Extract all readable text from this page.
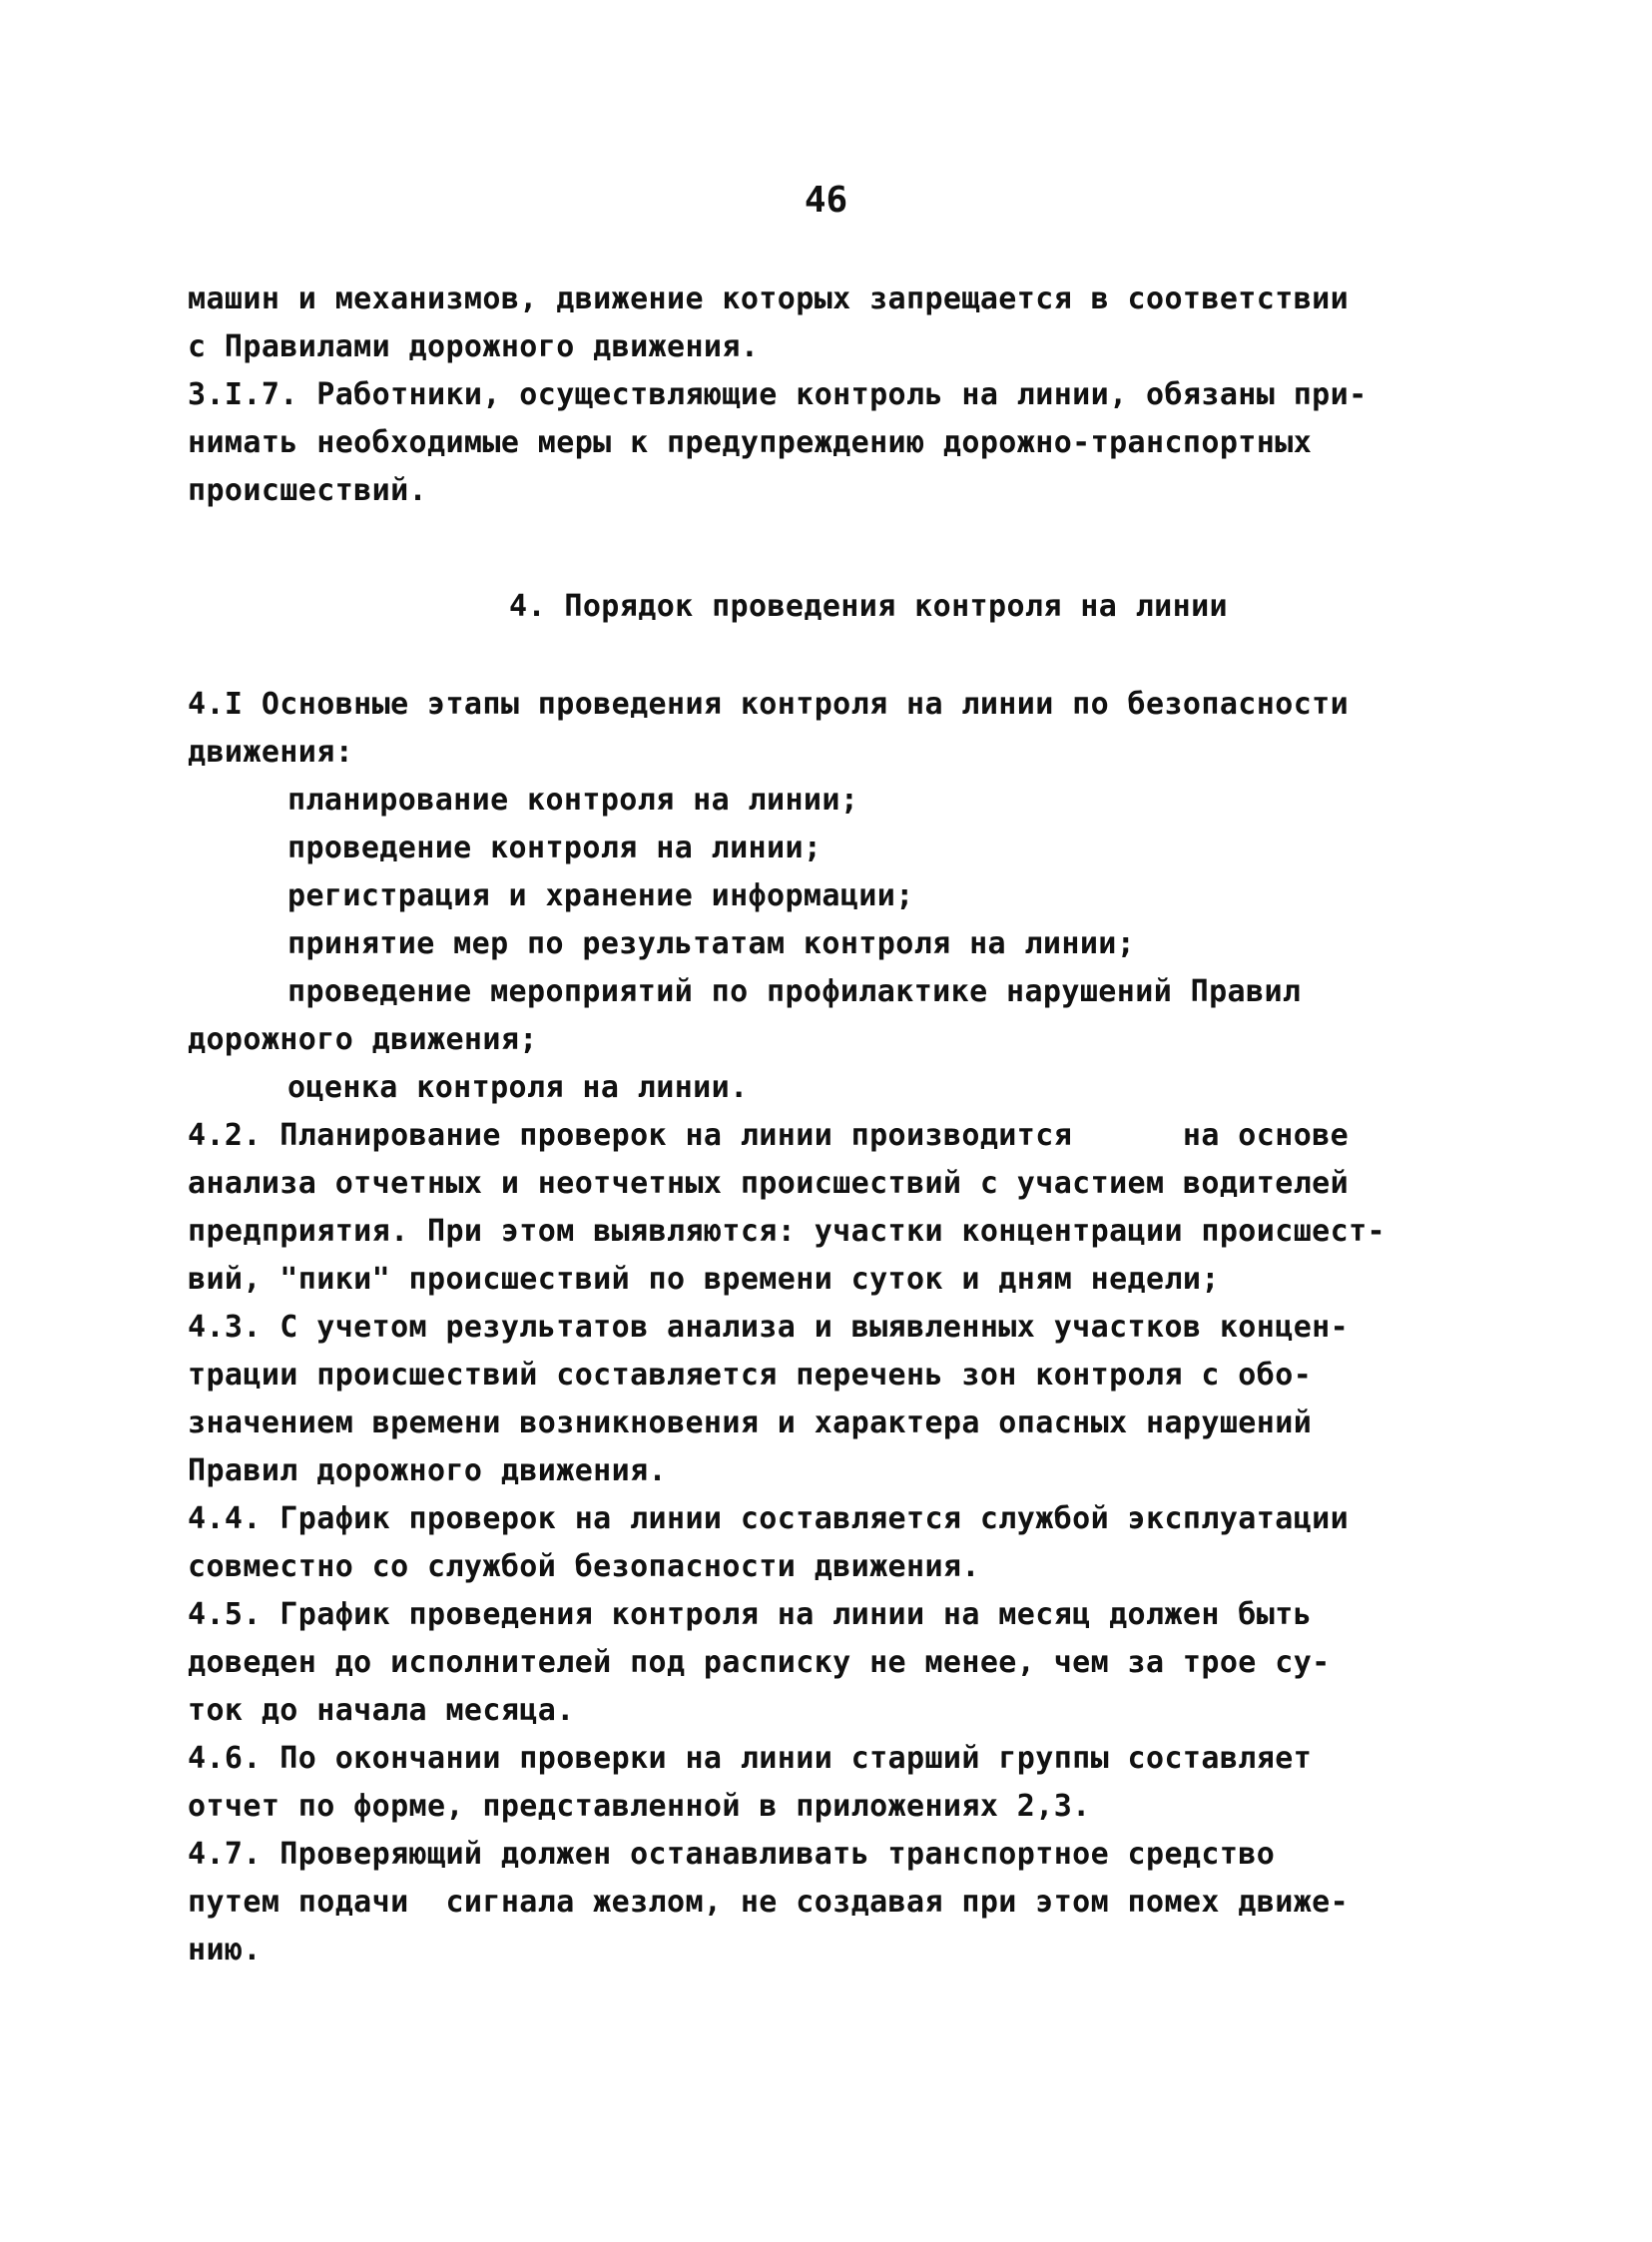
46
машин и механизмов, движение которых запрещается в соответствии
с Правилами дорожного движения.
3.I.7. Работники, осуществляющие контроль на линии, обязаны при-
нимать необходимые меры к предупреждению дорожно-транспортных
происшествий.
4. Порядок проведения контроля на линии
4.I Основные этапы проведения контроля на линии по безопасности
движения:
планирование контроля на линии;
проведение контроля на линии;
регистрация и хранение информации;
принятие мер по результатам контроля на линии;
проведение мероприятий по профилактике нарушений Правил
дорожного движения;
оценка контроля на линии.
4.2. Планирование проверок на линии производится      на основе
анализа отчетных и неотчетных происшествий с участием водителей
предприятия. При этом выявляются: участки концентрации происшест-
вий, "пики" происшествий по времени суток и дням недели;
4.3. С учетом результатов анализа и выявленных участков концен-
трации происшествий составляется перечень зон контроля с обо-
значением времени возникновения и характера опасных нарушений
Правил дорожного движения.
4.4. График проверок на линии составляется службой эксплуатации
совместно со службой безопасности движения.
4.5. График проведения контроля на линии на месяц должен быть
доведен до исполнителей под расписку не менее, чем за трое су-
ток до начала месяца.
4.6. По окончании проверки на линии старший группы составляет
отчет по форме, представленной в приложениях 2,3.
4.7. Проверяющий должен останавливать транспортное средство
путем подачи  сигнала жезлом, не создавая при этом помех движе-
нию.
